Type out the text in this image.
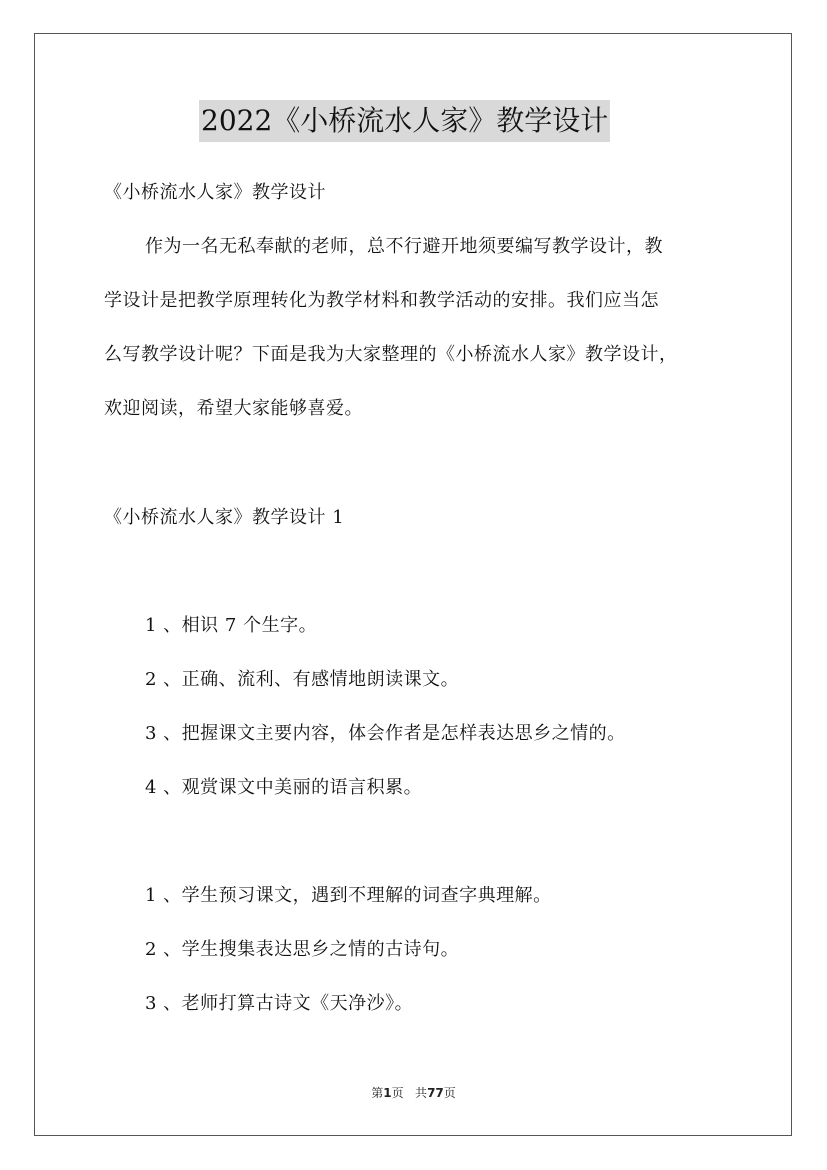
2022《小桥流水人家》教学设计
《小桥流水人家》教学设计
作为一名无私奉献的老师，总不行避开地须要编写教学设计，教
学设计是把教学原理转化为教学材料和教学活动的安排。我们应当怎
么写教学设计呢？下面是我为大家整理的《小桥流水人家》教学设计，
欢迎阅读，希望大家能够喜爱。
《小桥流水人家》教学设计 1
1 、相识 7 个生字。
2 、正确、流利、有感情地朗读课文。
3 、把握课文主要内容，体会作者是怎样表达思乡之情的。
4 、观赏课文中美丽的语言积累。
1 、学生预习课文，遇到不理解的词查字典理解。
2 、学生搜集表达思乡之情的古诗句。
3 、老师打算古诗文《天净沙》。
第1页 共77页
